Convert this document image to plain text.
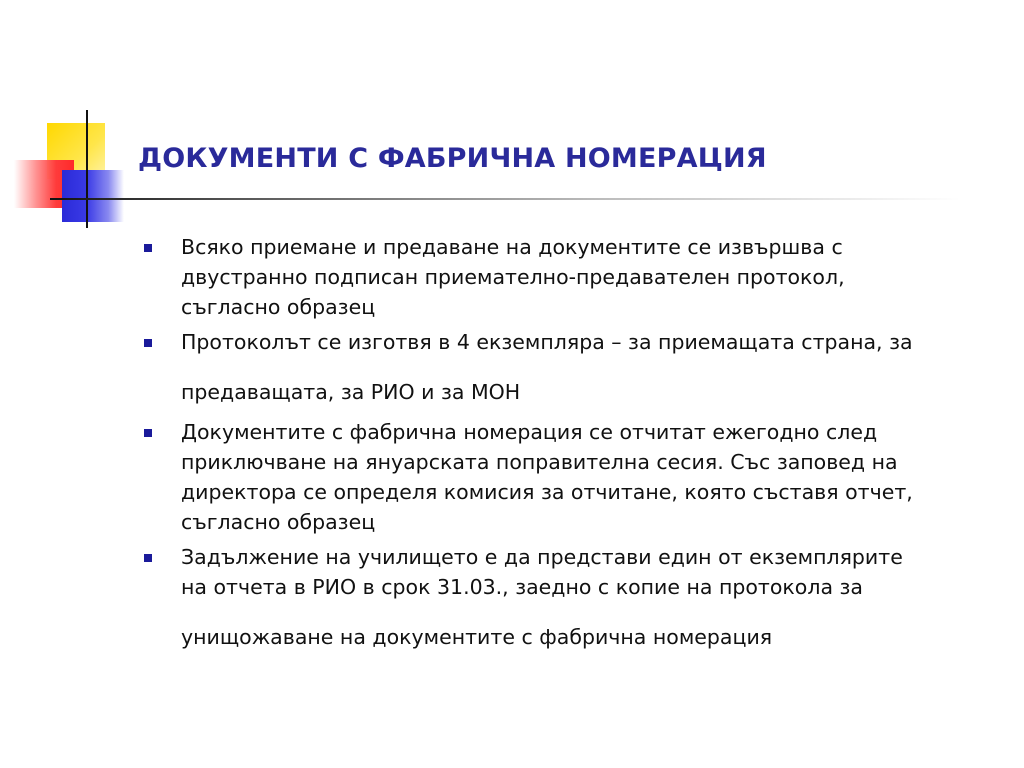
ДОКУМЕНТИ С ФАБРИЧНА НОМЕРАЦИЯ
Всяко приемане и предаване на документите се извършва с
двустранно подписан приемателно-предавателен протокол,
съгласно образец
Протоколът се изготвя в 4 екземпляра – за приемащата страна, за
предаващата, за РИО и за МОН
Документите с фабрична номерация се отчитат ежегодно след
приключване на януарската поправителна сесия. Със заповед на
директора се определя комисия за отчитане, която съставя отчет,
съгласно образец
Задължение на училището е да представи един от екземплярите
на отчета в РИО в срок 31.03., заедно с копие на протокола за
унищожаване на документите с фабрична номерация
